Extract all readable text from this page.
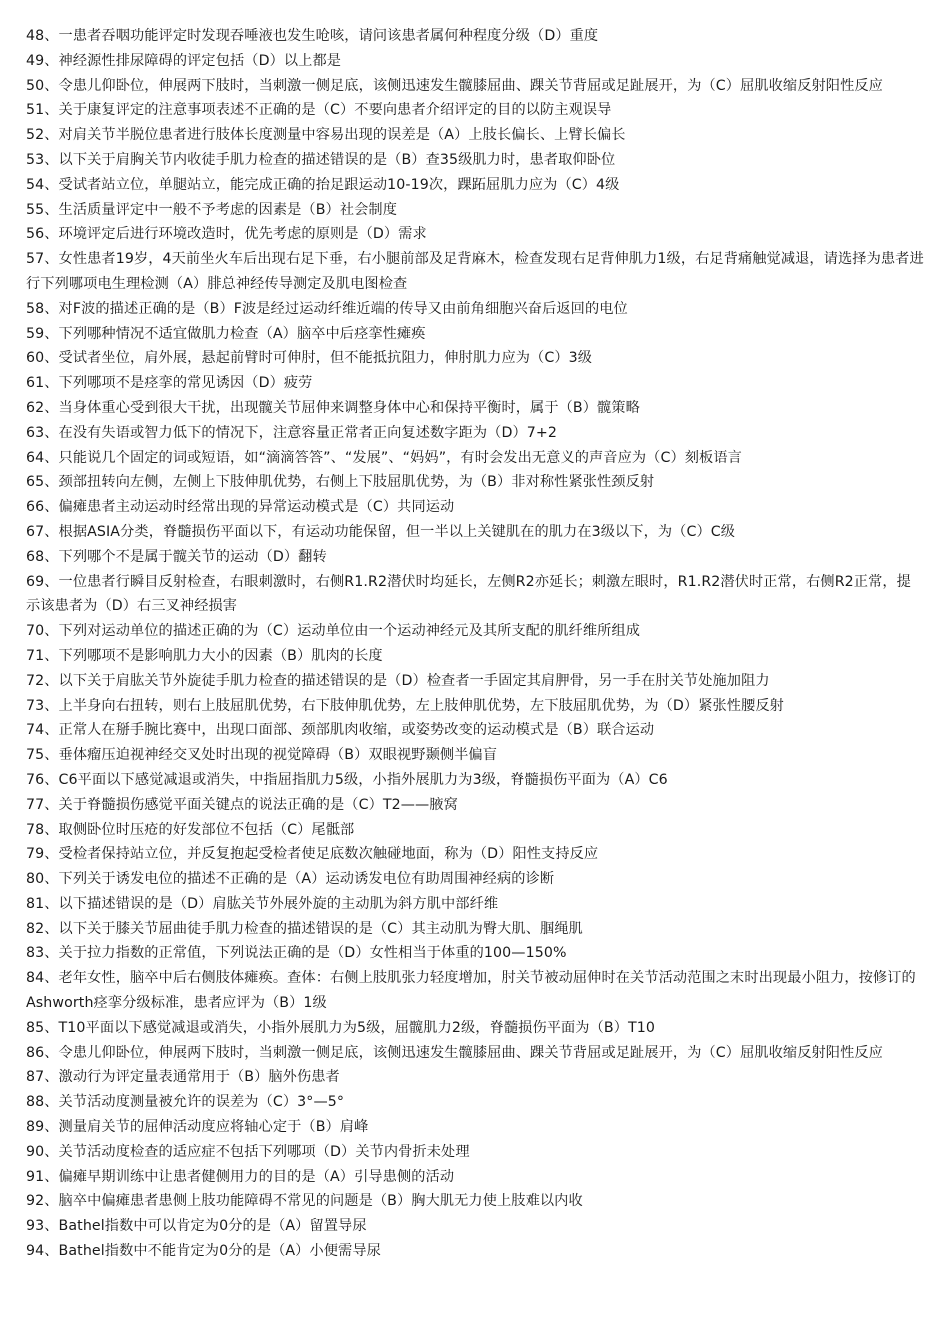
48、一患者吞咽功能评定时发现吞唾液也发生呛咳，请问该患者属何种程度分级（D）重度

49、神经源性排尿障碍的评定包括（D）以上都是

50、令患儿仰卧位，伸展两下肢时，当刺激一侧足底，该侧迅速发生髋膝屈曲、踝关节背屈或足趾展开，为（C）屈肌收缩反射阳性反应

51、关于康复评定的注意事项表述不正确的是（C）不要向患者介绍评定的目的以防主观误导

52、对肩关节半脱位患者进行肢体长度测量中容易出现的误差是（A）上肢长偏长、上臂长偏长

53、以下关于肩胸关节内收徒手肌力检查的描述错误的是（B）查35级肌力时，患者取仰卧位

54、受试者站立位，单腿站立，能完成正确的抬足跟运动10-19次，踝跖屈肌力应为（C）4级

55、生活质量评定中一般不予考虑的因素是（B）社会制度

56、环境评定后进行环境改造时，优先考虑的原则是（D）需求

57、女性患者19岁，4天前坐火车后出现右足下垂，右小腿前部及足背麻木，检查发现右足背伸肌力1级，右足背痛触觉减退，请选择为患者进行下列哪项电生理检测（A）腓总神经传导测定及肌电图检查

58、对F波的描述正确的是（B）F波是经过运动纤维近端的传导又由前角细胞兴奋后返回的电位

59、下列哪种情况不适宜做肌力检查（A）脑卒中后痉挛性瘫痪

60、受试者坐位，肩外展，悬起前臂时可伸肘，但不能抵抗阻力，伸肘肌力应为（C）3级

61、下列哪项不是痉挛的常见诱因（D）疲劳

62、当身体重心受到很大干扰，出现髋关节屈伸来调整身体中心和保持平衡时，属于（B）髋策略

63、在没有失语或智力低下的情况下，注意容量正常者正向复述数字距为（D）7+2

64、只能说几个固定的词或短语，如“滴滴答答”、“发展”、“妈妈”，有时会发出无意义的声音应为（C）刻板语言

65、颈部扭转向左侧，左侧上下肢伸肌优势，右侧上下肢屈肌优势，为（B）非对称性紧张性颈反射

66、偏瘫患者主动运动时经常出现的异常运动模式是（C）共同运动

67、根据ASIA分类，脊髓损伤平面以下，有运动功能保留，但一半以上关键肌在的肌力在3级以下，为（C）C级

68、下列哪个不是属于髋关节的运动（D）翻转

69、一位患者行瞬目反射检查，右眼刺激时，右侧R1.R2潜伏时均延长，左侧R2亦延长；刺激左眼时，R1.R2潜伏时正常，右侧R2正常，提示该患者为（D）右三叉神经损害

70、下列对运动单位的描述正确的为（C）运动单位由一个运动神经元及其所支配的肌纤维所组成

71、下列哪项不是影响肌力大小的因素（B）肌肉的长度

72、以下关于肩肱关节外旋徒手肌力检查的描述错误的是（D）检查者一手固定其肩胛骨，另一手在肘关节处施加阻力

73、上半身向右扭转，则右上肢屈肌优势，右下肢伸肌优势，左上肢伸肌优势，左下肢屈肌优势，为（D）紧张性腰反射

74、正常人在掰手腕比赛中，出现口面部、颈部肌肉收缩，或姿势改变的运动模式是（B）联合运动

75、垂体瘤压迫视神经交叉处时出现的视觉障碍（B）双眼视野颞侧半偏盲

76、C6平面以下感觉减退或消失，中指屈指肌力5级，小指外展肌力为3级，脊髓损伤平面为（A）C6

77、关于脊髓损伤感觉平面关键点的说法正确的是（C）T2——腋窝

78、取侧卧位时压疮的好发部位不包括（C）尾骶部

79、受检者保持站立位，并反复抱起受检者使足底数次触碰地面，称为（D）阳性支持反应

80、下列关于诱发电位的描述不正确的是（A）运动诱发电位有助周围神经病的诊断

81、以下描述错误的是（D）肩肱关节外展外旋的主动肌为斜方肌中部纤维

82、以下关于膝关节屈曲徒手肌力检查的描述错误的是（C）其主动肌为臀大肌、腘绳肌

83、关于拉力指数的正常值，下列说法正确的是（D）女性相当于体重的100—150%

84、老年女性，脑卒中后右侧肢体瘫痪。查体：右侧上肢肌张力轻度增加，肘关节被动屈伸时在关节活动范围之末时出现最小阻力，按修订的Ashworth痉挛分级标准，患者应评为（B）1级

85、T10平面以下感觉减退或消失，小指外展肌力为5级，屈髋肌力2级，脊髓损伤平面为（B）T10

86、令患儿仰卧位，伸展两下肢时，当刺激一侧足底，该侧迅速发生髋膝屈曲、踝关节背屈或足趾展开，为（C）屈肌收缩反射阳性反应

87、激动行为评定量表通常用于（B）脑外伤患者

88、关节活动度测量被允许的误差为（C）3°—5°

89、测量肩关节的屈伸活动度应将轴心定于（B）肩峰

90、关节活动度检查的适应症不包括下列哪项（D）关节内骨折未处理

91、偏瘫早期训练中让患者健侧用力的目的是（A）引导患侧的活动

92、脑卒中偏瘫患者患侧上肢功能障碍不常见的问题是（B）胸大肌无力使上肢难以内收

93、Bathel指数中可以肯定为0分的是（A）留置导尿

94、Bathel指数中不能肯定为0分的是（A）小便需导尿
